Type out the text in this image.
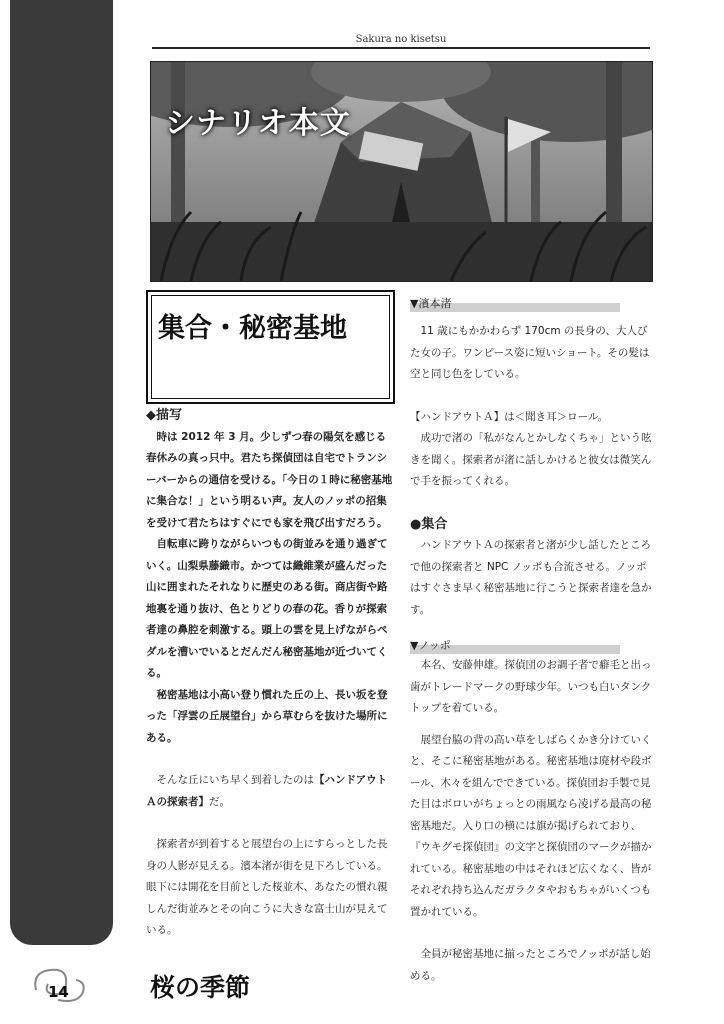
Sakura no kisetsu
シナリオ本文
集合・秘密基地
◆描写

時は 2012 年 3 月。少しずつ春の陽気を感じる春休みの真っ只中。君たち探偵団は自宅でトランシーバーからの通信を受ける。「今日の１時に秘密基地に集合な！」という明るい声。友人のノッポの招集を受けて君たちはすぐにでも家を飛び出すだろう。

自転車に跨りながらいつもの街並みを通り過ぎていく。山梨県藤織市。かつては織維業が盛んだった山に囲まれたそれなりに歴史のある街。商店街や路地裏を通り抜け、色とりどりの春の花。香りが探索者達の鼻腔を刺激する。頭上の雲を見上げながらペダルを漕いでいるとだんだん秘密基地が近づいてくる。

秘密基地は小高い登り慣れた丘の上、長い坂を登った「浮雲の丘展望台」から草むらを抜けた場所にある。

そんな丘にいち早く到着したのは【ハンドアウトＡの探索者】だ。

探索者が到着すると展望台の上にすらっとした長身の人影が見える。濱本渚が街を見下ろしている。眼下には開花を目前とした桜並木、あなたの慣れ親しんだ街並みとその向こうに大きな富士山が見えている。

▼濱本渚

11 歳にもかかわらず 170cm の長身の、大人びた女の子。ワンピース姿に短いショート。その髪は空と同じ色をしている。

【ハンドアウトＡ】は＜聞き耳＞ロール。

成功で渚の「私がなんとかしなくちゃ」という呟きを聞く。探索者が渚に話しかけると彼女は微笑んで手を振ってくれる。

●集合

ハンドアウトＡの探索者と渚が少し話したところで他の探索者と NPC ノッポも合流させる。ノッポはすぐさま早く秘密基地に行こうと探索者達を急かす。

▼ノッポ

本名、安藤伸雄。探偵団のお調子者で癖毛と出っ歯がトレードマークの野球少年。いつも白いタンクトップを着ている。

展望台脇の背の高い草をしばらくかき分けていくと、そこに秘密基地がある。秘密基地は廃材や段ボール、木々を組んでできている。探偵団お手製で見た目はボロいがちょっとの雨風なら凌げる最高の秘密基地だ。入り口の横には旗が掲げられており、『ウキグモ探偵団』の文字と探偵団のマークが描かれている。秘密基地の中はそれほど広くなく、皆がそれぞれ持ち込んだガラクタやおもちゃがいくつも置かれている。

全員が秘密基地に揃ったところでノッポが話し始める。

14	桜の季節
